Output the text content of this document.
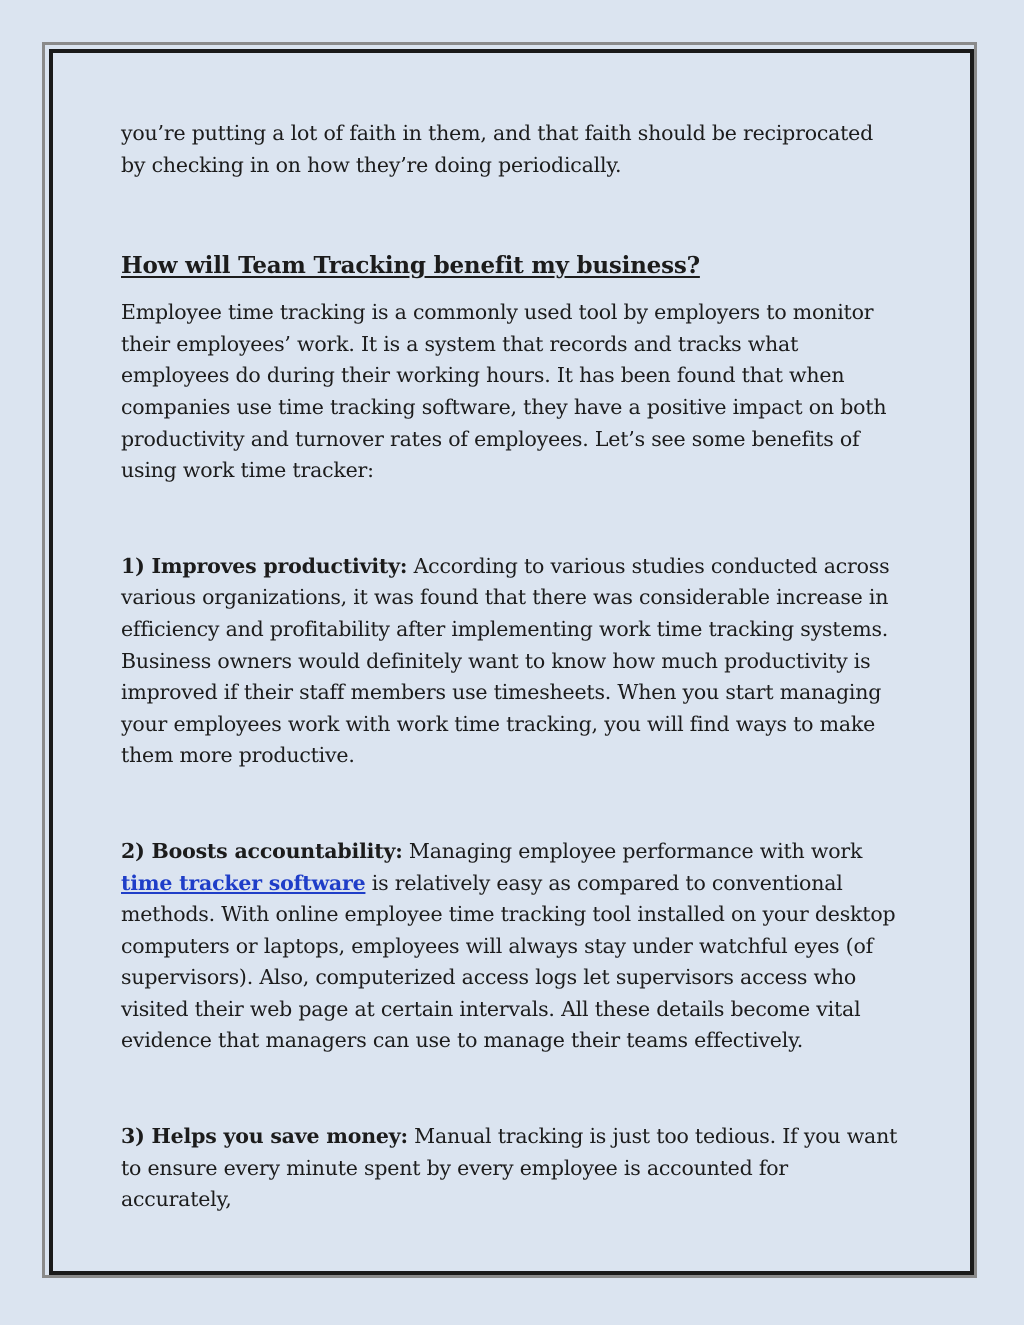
you’re putting a lot of faith in them, and that faith should be reciprocated by checking in on how they’re doing periodically.

How will Team Tracking benefit my business?

Employee time tracking is a commonly used tool by employers to monitor their employees’ work. It is a system that records and tracks what employees do during their working hours. It has been found that when companies use time tracking software, they have a positive impact on both productivity and turnover rates of employees. Let’s see some benefits of using work time tracker:

1) Improves productivity: According to various studies conducted across various organizations, it was found that there was considerable increase in efficiency and profitability after implementing work time tracking systems. Business owners would definitely want to know how much productivity is improved if their staff members use timesheets. When you start managing your employees work with work time tracking, you will find ways to make them more productive.

2) Boosts accountability: Managing employee performance with work time tracker software is relatively easy as compared to conventional methods. With online employee time tracking tool installed on your desktop computers or laptops, employees will always stay under watchful eyes (of supervisors). Also, computerized access logs let supervisors access who visited their web page at certain intervals. All these details become vital evidence that managers can use to manage their teams effectively.

3) Helps you save money: Manual tracking is just too tedious. If you want to ensure every minute spent by every employee is accounted for accurately,
